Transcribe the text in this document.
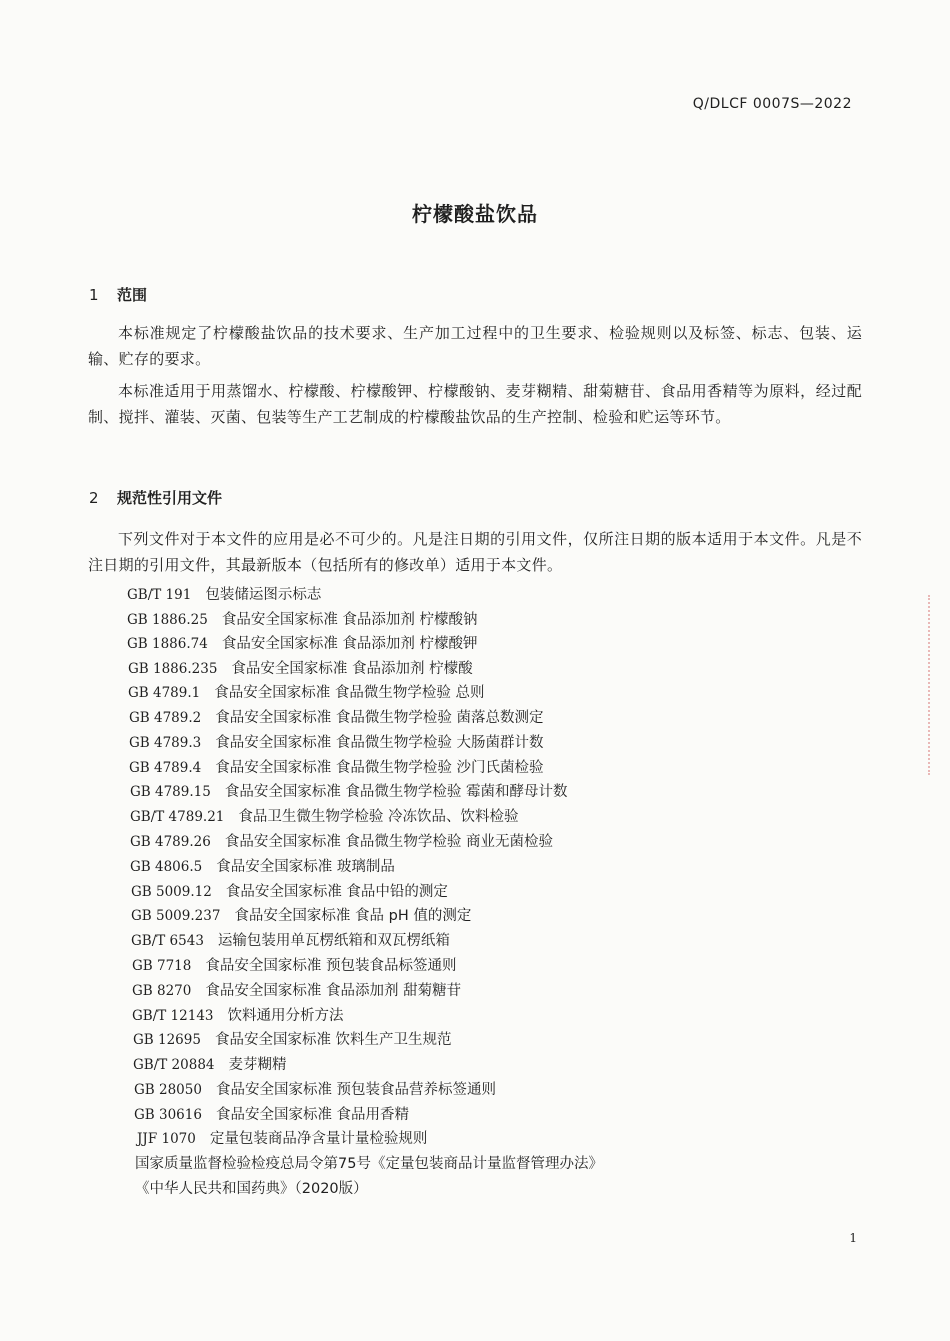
Q/DLCF 0007S—2022
柠檬酸盐饮品
1 范围
本标准规定了柠檬酸盐饮品的技术要求、生产加工过程中的卫生要求、检验规则以及标签、标志、包装、运输、贮存的要求。
本标准适用于用蒸馏水、柠檬酸、柠檬酸钾、柠檬酸钠、麦芽糊精、甜菊糖苷、食品用香精等为原料，经过配制、搅拌、灌装、灭菌、包装等生产工艺制成的柠檬酸盐饮品的生产控制、检验和贮运等环节。
2 规范性引用文件
下列文件对于本文件的应用是必不可少的。凡是注日期的引用文件，仅所注日期的版本适用于本文件。凡是不注日期的引用文件，其最新版本（包括所有的修改单）适用于本文件。
GB/T 191 包装储运图示标志
GB 1886.25 食品安全国家标准 食品添加剂 柠檬酸钠
GB 1886.74 食品安全国家标准 食品添加剂 柠檬酸钾
GB 1886.235 食品安全国家标准 食品添加剂 柠檬酸
GB 4789.1 食品安全国家标准 食品微生物学检验 总则
GB 4789.2 食品安全国家标准 食品微生物学检验 菌落总数测定
GB 4789.3 食品安全国家标准 食品微生物学检验 大肠菌群计数
GB 4789.4 食品安全国家标准 食品微生物学检验 沙门氏菌检验
GB 4789.15 食品安全国家标准 食品微生物学检验 霉菌和酵母计数
GB/T 4789.21 食品卫生微生物学检验 冷冻饮品、饮料检验
GB 4789.26 食品安全国家标准 食品微生物学检验 商业无菌检验
GB 4806.5 食品安全国家标准 玻璃制品
GB 5009.12 食品安全国家标准 食品中铅的测定
GB 5009.237 食品安全国家标准 食品 pH 值的测定
GB/T 6543 运输包装用单瓦楞纸箱和双瓦楞纸箱
GB 7718 食品安全国家标准 预包装食品标签通则
GB 8270 食品安全国家标准 食品添加剂 甜菊糖苷
GB/T 12143 饮料通用分析方法
GB 12695 食品安全国家标准 饮料生产卫生规范
GB/T 20884 麦芽糊精
GB 28050 食品安全国家标准 预包装食品营养标签通则
GB 30616 食品安全国家标准 食品用香精
JJF 1070 定量包装商品净含量计量检验规则
国家质量监督检验检疫总局令第75号《定量包装商品计量监督管理办法》
《中华人民共和国药典》（2020版）
1
